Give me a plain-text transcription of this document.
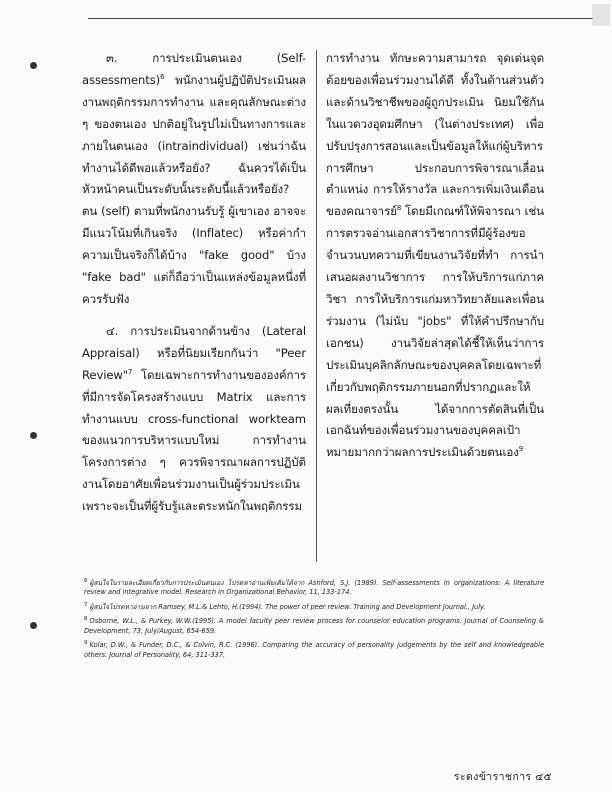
๓. การประเมินตนเอง (Self-assessments)$^6$ พนักงานผู้ปฏิบัติประเมินผลงานพฤติกรรมการทำงาน และคุณลักษณะต่าง ๆ ของตนเอง ปกติอยู่ในรูปไม่เป็นทางการและภายในตนเอง (intraindividual) เช่นว่าฉันทำงานได้ดีพอแล้วหรือยัง? ฉันควรได้เป็นหัวหน้าคนเป็นระดับนั้นระดับนี้แล้วหรือยัง? ตน (self) ตามที่พนักงานรับรู้ ผู้เขาเอง อาจจะมีแนวโน้มที่เกินจริง (Inflatec) หรือค่ากำความเป็นจริงก็ได้บ้าง "fake good" บ้าง "fake bad" แต่ก็ถือว่าเป็นแหล่งข้อมูลหนึ่งที่ควรรับฟัง

๔. การประเมินจากด้านข้าง (Lateral Appraisal) หรือที่นิยมเรียกกันว่า "Peer Review"$^7$ โดยเฉพาะการทำงานขององค์การที่มีการจัดโครงสร้างแบบ Matrix และการทำงานแบบ cross-functional workteam ของแนวการบริหารแบบใหม่ การทำงานโครงการต่าง ๆ ควรพิจารณาผลการปฏิบัติงานโดยอาศัยเพื่อนร่วมงานเป็นผู้ร่วมประเมิน เพราะจะเป็นที่ผู้รับรู้และตระหนักในพฤติกรรม

การทำงาน ทักษะความสามารถ จุดเด่นจุดด้อยของเพื่อนร่วมงานได้ดี ทั้งในด้านส่วนตัวและด้านวิชาชีพของผู้ถูกประเมิน นิยมใช้กันในแวดวงอุดมศึกษา (ในต่างประเทศ) เพื่อปรับปรุงการสอนและเป็นข้อมูลให้แก่ผู้บริหารการศึกษา ประกอบการพิจารณาเลื่อนตำแหน่ง การให้รางวัล และการเพิ่มเงินเดือนของคณาจารย์$^8$ โดยมีเกณฑ์ให้พิจารณา เช่น การตรวจอ่านเอกสารวิชาการที่มีผู้ร้องขอ จำนวนบทความที่เขียนงานวิจัยที่ทำ การนำเสนอผลงานวิชาการ การให้บริการแก่ภาควิชา การให้บริการแก่มหาวิทยาลัยและเพื่อนร่วมงาน (ไม่นับ "jobs" ที่ให้คำปรึกษากับเอกชน) งานวิจัยล่าสุดได้ชี้ให้เห็นว่าการประเมินบุคลิกลักษณะของบุคคลโดยเฉพาะที่เกี่ยวกับพฤติกรรมภายนอกที่ปรากฏและให้ผลเที่ยงตรงนั้น ได้จากการตัดสินที่เป็นเอกฉันท์ของเพื่อนร่วมงานของบุคคลเป้าหมายมากกว่าผลการประเมินด้วยตนเอง$^9$

$^6$ ผู้สนใจในรายละเอียดเกี่ยวกับการประเมินตนเอง โปรดหาอ่านเพิ่มเติมได้จาก Ashford, S.J. (1989). Self-assessments in organizations: A literature review and integrative model. Research in Organizational Behavior, 11, 133-174.

$^7$ ผู้สนใจโปรดหาอ่านจาก Ramsey, M.L.& Lehto, H.(1994). The power of peer review. Training and Development Journal., July.

$^8$ Osborne, W.L., & Purkey, W.W.(1995). A model faculty peer review process for counselor education programs. Journal of Counseling & Development, 73, July/August, 654-659.

$^9$ Kolar, D.W., & Funder, D.C., & Colvin, R.C. (1996). Comparing the accuracy of personality judgements by the self and knowledgeable others. Journal of Personality, 64, 311-337.

ระดงข้าราชการ ๔๕
